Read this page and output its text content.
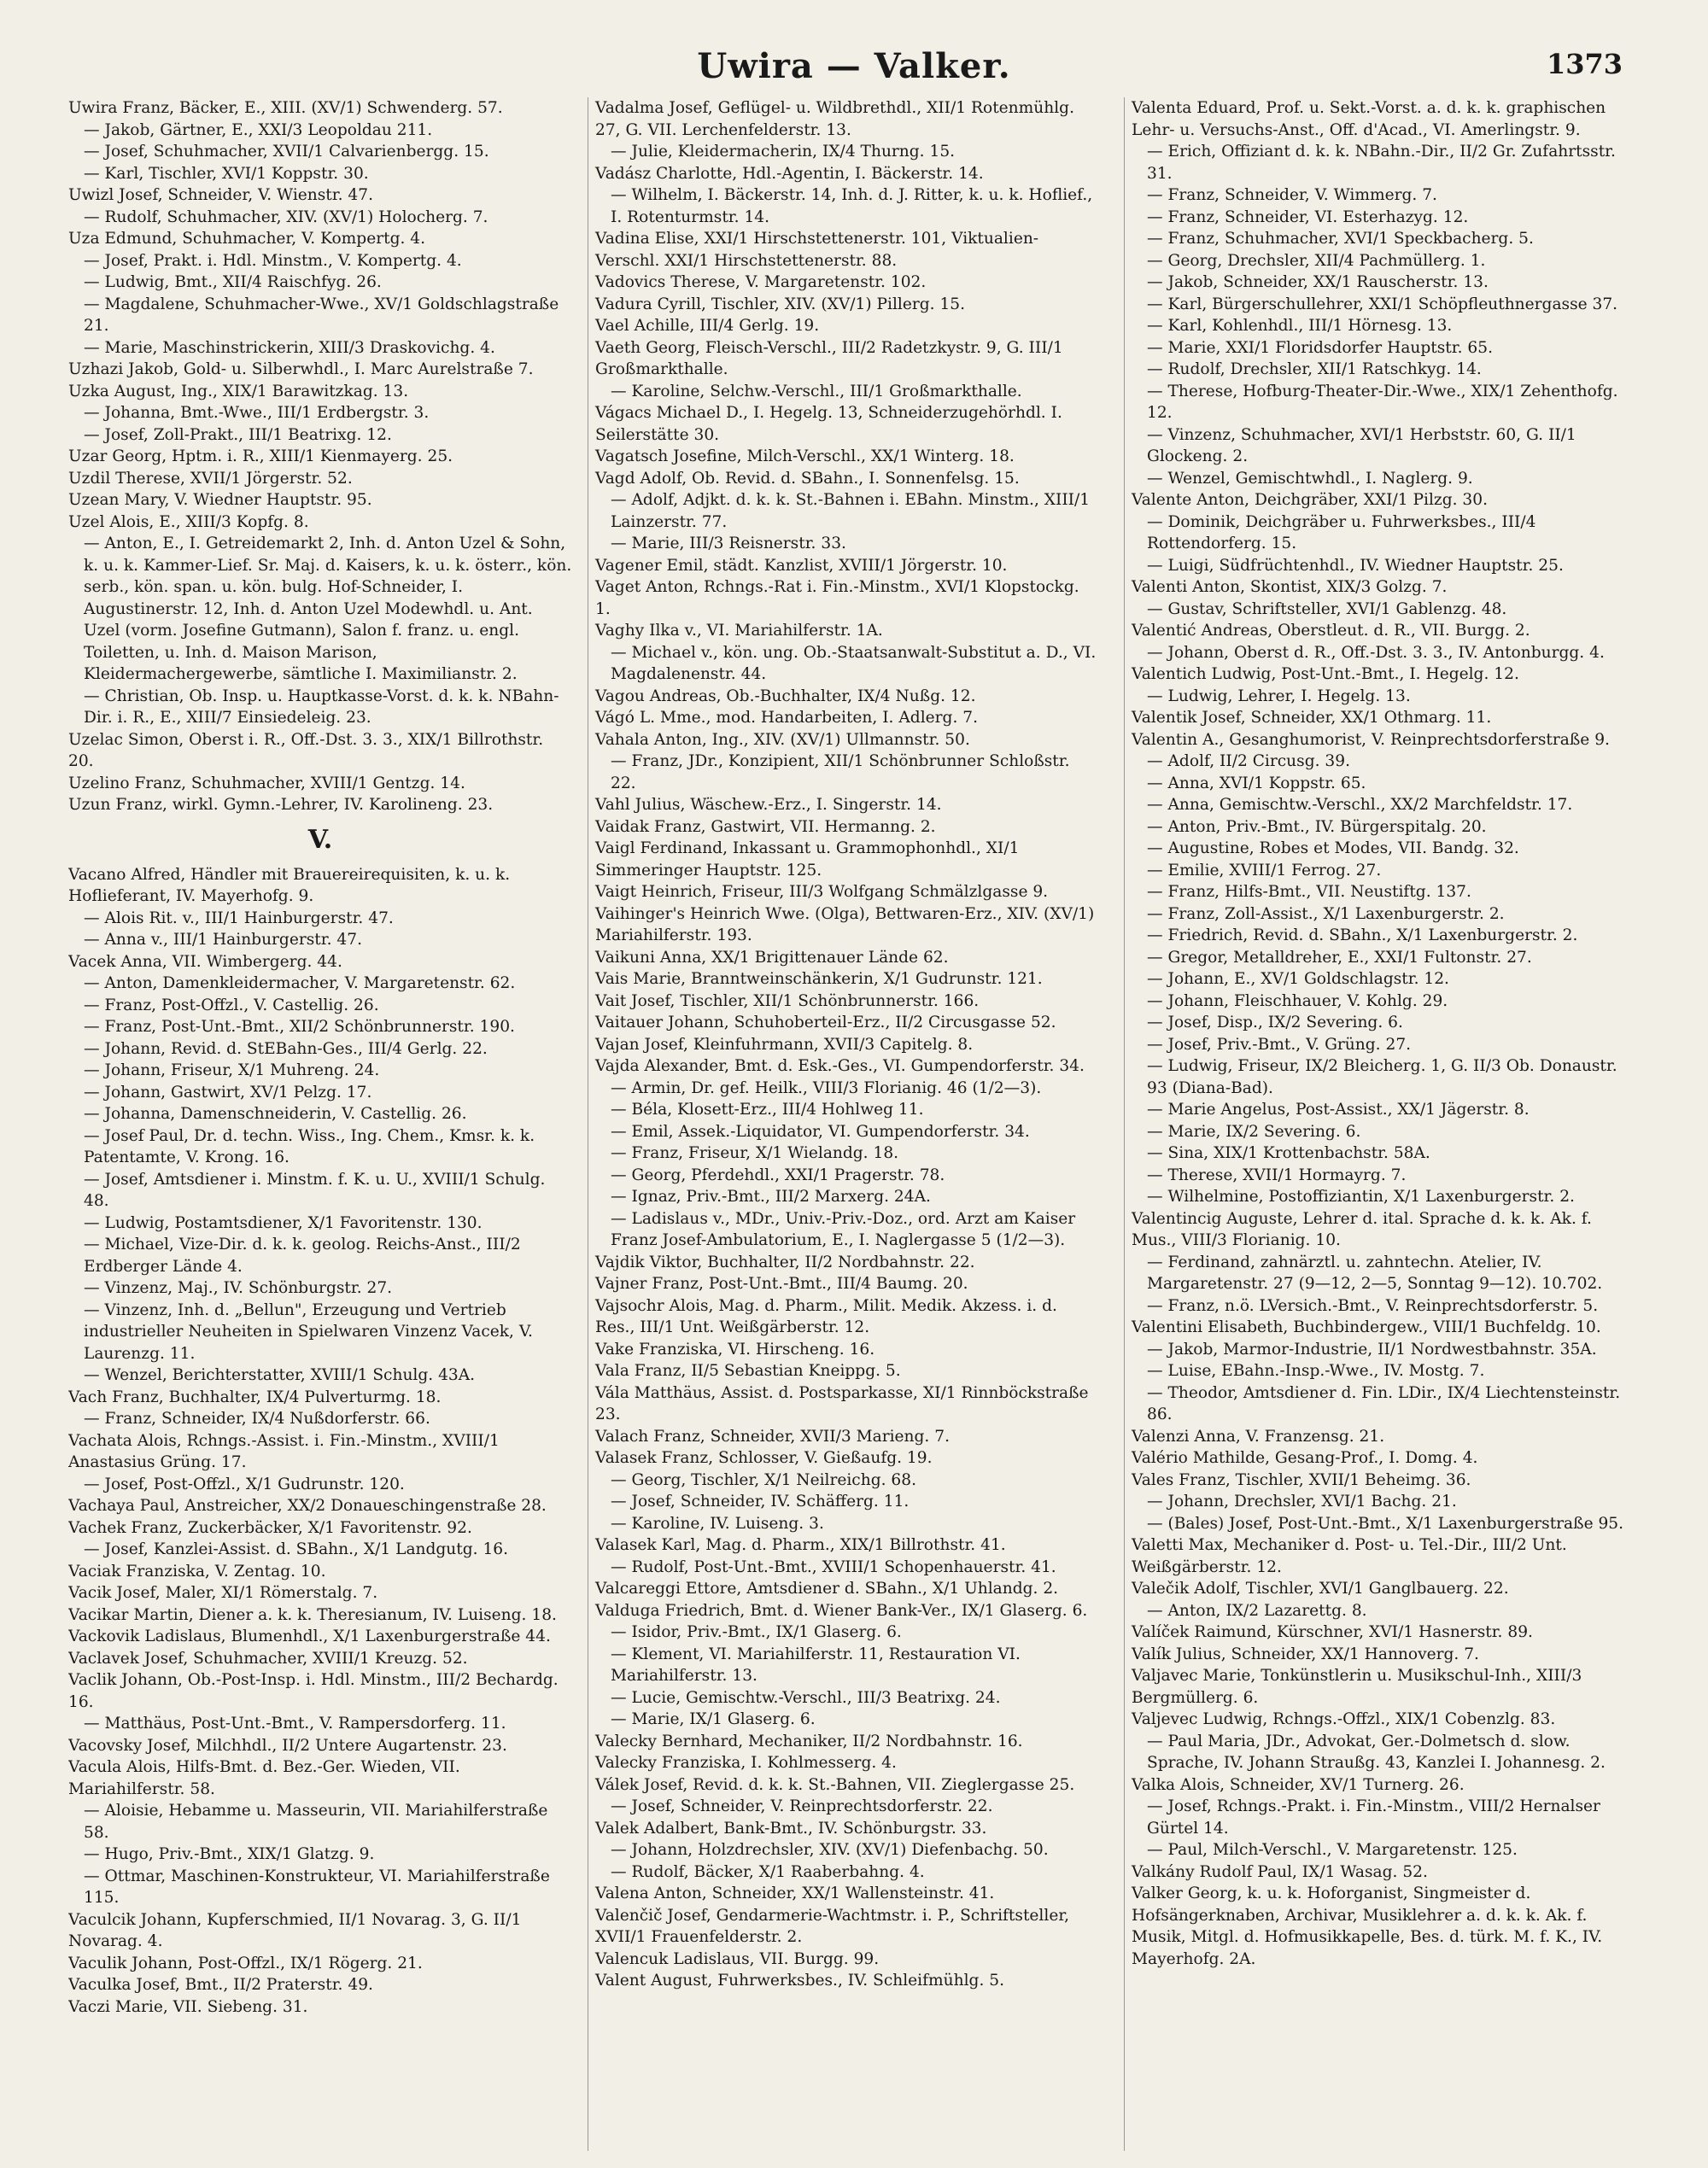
Uwira — Valker.	1373

Uwira Franz, Bäcker, E., XIII. (XV/1) Schwenderg. 57.

— Jakob, Gärtner, E., XXI/3 Leopoldau 211.

— Josef, Schuhmacher, XVII/1 Calvarienbergg. 15.

— Karl, Tischler, XVI/1 Koppstr. 30.

Uwizl Josef, Schneider, V. Wienstr. 47.

— Rudolf, Schuhmacher, XIV. (XV/1) Holocherg. 7.

Uza Edmund, Schuhmacher, V. Kompertg. 4.

— Josef, Prakt. i. Hdl. Minstm., V. Kompertg. 4.

— Ludwig, Bmt., XII/4 Raischfyg. 26.

— Magdalene, Schuhmacher-Wwe., XV/1 Goldschlagstraße 21.

— Marie, Maschinstrickerin, XIII/3 Draskovichg. 4.

Uzhazi Jakob, Gold- u. Silberwhdl., I. Marc Aurelstraße 7.

Uzka August, Ing., XIX/1 Barawitzkag. 13.

— Johanna, Bmt.-Wwe., III/1 Erdbergstr. 3.

— Josef, Zoll-Prakt., III/1 Beatrixg. 12.

Uzar Georg, Hptm. i. R., XIII/1 Kienmayerg. 25.

Uzdil Therese, XVII/1 Jörgerstr. 52.

Uzean Mary, V. Wiedner Hauptstr. 95.

Uzel Alois, E., XIII/3 Kopfg. 8.

— Anton, E., I. Getreidemarkt 2, Inh. d. Anton Uzel & Sohn, k. u. k. Kammer-Lief. Sr. Maj. d. Kaisers, k. u. k. österr., kön. serb., kön. span. u. kön. bulg. Hof-Schneider, I. Augustinerstr. 12, Inh. d. Anton Uzel Modewhdl. u. Ant. Uzel (vorm. Josefine Gutmann), Salon f. franz. u. engl. Toiletten, u. Inh. d. Maison Marison, Kleidermachergewerbe, sämtliche I. Maximilianstr. 2.

— Christian, Ob. Insp. u. Hauptkasse-Vorst. d. k. k. NBahn-Dir. i. R., E., XIII/7 Einsiedeleig. 23.

Uzelac Simon, Oberst i. R., Off.-Dst. 3. 3., XIX/1 Billrothstr. 20.

Uzelino Franz, Schuhmacher, XVIII/1 Gentzg. 14.

Uzun Franz, wirkl. Gymn.-Lehrer, IV. Karolineng. 23.

V.

Vacano Alfred, Händler mit Brauereirequisiten, k. u. k. Hoflieferant, IV. Mayerhofg. 9.

— Alois Rit. v., III/1 Hainburgerstr. 47.

— Anna v., III/1 Hainburgerstr. 47.

Vacek Anna, VII. Wimbergerg. 44.

— Anton, Damenkleidermacher, V. Margaretenstr. 62.

— Franz, Post-Offzl., V. Castellig. 26.

— Franz, Post-Unt.-Bmt., XII/2 Schönbrunnerstr. 190.

— Johann, Revid. d. StEBahn-Ges., III/4 Gerlg. 22.

— Johann, Friseur, X/1 Muhreng. 24.

— Johann, Gastwirt, XV/1 Pelzg. 17.

— Johanna, Damenschneiderin, V. Castellig. 26.

— Josef Paul, Dr. d. techn. Wiss., Ing. Chem., Kmsr. k. k. Patentamte, V. Krong. 16.

— Josef, Amtsdiener i. Minstm. f. K. u. U., XVIII/1 Schulg. 48.

— Ludwig, Postamtsdiener, X/1 Favoritenstr. 130.

— Michael, Vize-Dir. d. k. k. geolog. Reichs-Anst., III/2 Erdberger Lände 4.

— Vinzenz, Maj., IV. Schönburgstr. 27.

— Vinzenz, Inh. d. „Bellun", Erzeugung und Vertrieb industrieller Neuheiten in Spielwaren Vinzenz Vacek, V. Laurenzg. 11.

— Wenzel, Berichterstatter, XVIII/1 Schulg. 43A.

Vach Franz, Buchhalter, IX/4 Pulverturmg. 18.

— Franz, Schneider, IX/4 Nußdorferstr. 66.

Vachata Alois, Rchngs.-Assist. i. Fin.-Minstm., XVIII/1 Anastasius Grüng. 17.

— Josef, Post-Offzl., X/1 Gudrunstr. 120.

Vachaya Paul, Anstreicher, XX/2 Donaueschingenstraße 28.

Vachek Franz, Zuckerbäcker, X/1 Favoritenstr. 92.

— Josef, Kanzlei-Assist. d. SBahn., X/1 Landgutg. 16.

Vaciak Franziska, V. Zentag. 10.

Vacik Josef, Maler, XI/1 Römerstalg. 7.

Vacikar Martin, Diener a. k. k. Theresianum, IV. Luiseng. 18.

Vackovik Ladislaus, Blumenhdl., X/1 Laxenburgerstraße 44.

Vaclavek Josef, Schuhmacher, XVIII/1 Kreuzg. 52.

Vaclik Johann, Ob.-Post-Insp. i. Hdl. Minstm., III/2 Bechardg. 16.

— Matthäus, Post-Unt.-Bmt., V. Rampersdorferg. 11.

Vacovsky Josef, Milchhdl., II/2 Untere Augartenstr. 23.

Vacula Alois, Hilfs-Bmt. d. Bez.-Ger. Wieden, VII. Mariahilferstr. 58.

— Aloisie, Hebamme u. Masseurin, VII. Mariahilferstraße 58.

— Hugo, Priv.-Bmt., XIX/1 Glatzg. 9.

— Ottmar, Maschinen-Konstrukteur, VI. Mariahilferstraße 115.

Vaculcik Johann, Kupferschmied, II/1 Novarag. 3, G. II/1 Novarag. 4.

Vaculik Johann, Post-Offzl., IX/1 Rögerg. 21.

Vaculka Josef, Bmt., II/2 Praterstr. 49.

Vaczi Marie, VII. Siebeng. 31.

Vadalma Josef, Geflügel- u. Wildbrethdl., XII/1 Rotenmühlg. 27, G. VII. Lerchenfelderstr. 13.

— Julie, Kleidermacherin, IX/4 Thurng. 15.

Vadász Charlotte, Hdl.-Agentin, I. Bäckerstr. 14.

— Wilhelm, I. Bäckerstr. 14, Inh. d. J. Ritter, k. u. k. Hoflief., I. Rotenturmstr. 14.

Vadina Elise, XXI/1 Hirschstettenerstr. 101, Viktualien-Verschl. XXI/1 Hirschstettenerstr. 88.

Vadovics Therese, V. Margaretenstr. 102.

Vadura Cyrill, Tischler, XIV. (XV/1) Pillerg. 15.

Vael Achille, III/4 Gerlg. 19.

Vaeth Georg, Fleisch-Verschl., III/2 Radetzkystr. 9, G. III/1 Großmarkthalle.

— Karoline, Selchw.-Verschl., III/1 Großmarkthalle.

Vágacs Michael D., I. Hegelg. 13, Schneiderzugehörhdl. I. Seilerstätte 30.

Vagatsch Josefine, Milch-Verschl., XX/1 Winterg. 18.

Vagd Adolf, Ob. Revid. d. SBahn., I. Sonnenfelsg. 15.

— Adolf, Adjkt. d. k. k. St.-Bahnen i. EBahn. Minstm., XIII/1 Lainzerstr. 77.

— Marie, III/3 Reisnerstr. 33.

Vagener Emil, städt. Kanzlist, XVIII/1 Jörgerstr. 10.

Vaget Anton, Rchngs.-Rat i. Fin.-Minstm., XVI/1 Klopstockg. 1.

Vaghy Ilka v., VI. Mariahilferstr. 1A.

— Michael v., kön. ung. Ob.-Staatsanwalt-Substitut a. D., VI. Magdalenenstr. 44.

Vagou Andreas, Ob.-Buchhalter, IX/4 Nußg. 12.

Vágó L. Mme., mod. Handarbeiten, I. Adlerg. 7.

Vahala Anton, Ing., XIV. (XV/1) Ullmannstr. 50.

— Franz, JDr., Konzipient, XII/1 Schönbrunner Schloßstr. 22.

Vahl Julius, Wäschew.-Erz., I. Singerstr. 14.

Vaidak Franz, Gastwirt, VII. Hermanng. 2.

Vaigl Ferdinand, Inkassant u. Grammophonhdl., XI/1 Simmeringer Hauptstr. 125.

Vaigt Heinrich, Friseur, III/3 Wolfgang Schmälzlgasse 9.

Vaihinger's Heinrich Wwe. (Olga), Bettwaren-Erz., XIV. (XV/1) Mariahilferstr. 193.

Vaikuni Anna, XX/1 Brigittenauer Lände 62.

Vais Marie, Branntweinschänkerin, X/1 Gudrunstr. 121.

Vait Josef, Tischler, XII/1 Schönbrunnerstr. 166.

Vaitauer Johann, Schuhoberteil-Erz., II/2 Circusgasse 52.

Vajan Josef, Kleinfuhrmann, XVII/3 Capitelg. 8.

Vajda Alexander, Bmt. d. Esk.-Ges., VI. Gumpendorferstr. 34.

— Armin, Dr. gef. Heilk., VIII/3 Florianig. 46 (1/2—3).

— Béla, Klosett-Erz., III/4 Hohlweg 11.

— Emil, Assek.-Liquidator, VI. Gumpendorferstr. 34.

— Franz, Friseur, X/1 Wielandg. 18.

— Georg, Pferdehdl., XXI/1 Pragerstr. 78.

— Ignaz, Priv.-Bmt., III/2 Marxerg. 24A.

— Ladislaus v., MDr., Univ.-Priv.-Doz., ord. Arzt am Kaiser Franz Josef-Ambulatorium, E., I. Naglergasse 5 (1/2—3).

Vajdik Viktor, Buchhalter, II/2 Nordbahnstr. 22.

Vajner Franz, Post-Unt.-Bmt., III/4 Baumg. 20.

Vajsochr Alois, Mag. d. Pharm., Milit. Medik. Akzess. i. d. Res., III/1 Unt. Weißgärberstr. 12.

Vake Franziska, VI. Hirscheng. 16.

Vala Franz, II/5 Sebastian Kneippg. 5.

Vála Matthäus, Assist. d. Postsparkasse, XI/1 Rinnböckstraße 23.

Valach Franz, Schneider, XVII/3 Marieng. 7.

Valasek Franz, Schlosser, V. Gießaufg. 19.

— Georg, Tischler, X/1 Neilreichg. 68.

— Josef, Schneider, IV. Schäfferg. 11.

— Karoline, IV. Luiseng. 3.

Valasek Karl, Mag. d. Pharm., XIX/1 Billrothstr. 41.

— Rudolf, Post-Unt.-Bmt., XVIII/1 Schopenhauerstr. 41.

Valcareggi Ettore, Amtsdiener d. SBahn., X/1 Uhlandg. 2.

Valduga Friedrich, Bmt. d. Wiener Bank-Ver., IX/1 Glaserg. 6.

— Isidor, Priv.-Bmt., IX/1 Glaserg. 6.

— Klement, VI. Mariahilferstr. 11, Restauration VI. Mariahilferstr. 13.

— Lucie, Gemischtw.-Verschl., III/3 Beatrixg. 24.

— Marie, IX/1 Glaserg. 6.

Valecky Bernhard, Mechaniker, II/2 Nordbahnstr. 16.

Valecky Franziska, I. Kohlmesserg. 4.

Válek Josef, Revid. d. k. k. St.-Bahnen, VII. Zieglergasse 25.

— Josef, Schneider, V. Reinprechtsdorferstr. 22.

Valek Adalbert, Bank-Bmt., IV. Schönburgstr. 33.

— Johann, Holzdrechsler, XIV. (XV/1) Diefenbachg. 50.

— Rudolf, Bäcker, X/1 Raaberbahng. 4.

Valena Anton, Schneider, XX/1 Wallensteinstr. 41.

Valenčič Josef, Gendarmerie-Wachtmstr. i. P., Schriftsteller, XVII/1 Frauenfelderstr. 2.

Valencuk Ladislaus, VII. Burgg. 99.

Valent August, Fuhrwerksbes., IV. Schleifmühlg. 5.

Valenta Eduard, Prof. u. Sekt.-Vorst. a. d. k. k. graphischen Lehr- u. Versuchs-Anst., Off. d'Acad., VI. Amerlingstr. 9.

— Erich, Offiziant d. k. k. NBahn.-Dir., II/2 Gr. Zufahrtsstr. 31.

— Franz, Schneider, V. Wimmerg. 7.

— Franz, Schneider, VI. Esterhazyg. 12.

— Franz, Schuhmacher, XVI/1 Speckbacherg. 5.

— Georg, Drechsler, XII/4 Pachmüllerg. 1.

— Jakob, Schneider, XX/1 Rauscherstr. 13.

— Karl, Bürgerschullehrer, XXI/1 Schöpfleuthnergasse 37.

— Karl, Kohlenhdl., III/1 Hörnesg. 13.

— Marie, XXI/1 Floridsdorfer Hauptstr. 65.

— Rudolf, Drechsler, XII/1 Ratschkyg. 14.

— Therese, Hofburg-Theater-Dir.-Wwe., XIX/1 Zehenthofg. 12.

— Vinzenz, Schuhmacher, XVI/1 Herbststr. 60, G. II/1 Glockeng. 2.

— Wenzel, Gemischtwhdl., I. Naglerg. 9.

Valente Anton, Deichgräber, XXI/1 Pilzg. 30.

— Dominik, Deichgräber u. Fuhrwerksbes., III/4 Rottendorferg. 15.

— Luigi, Südfrüchtenhdl., IV. Wiedner Hauptstr. 25.

Valenti Anton, Skontist, XIX/3 Golzg. 7.

— Gustav, Schriftsteller, XVI/1 Gablenzg. 48.

Valentić Andreas, Oberstleut. d. R., VII. Burgg. 2.

— Johann, Oberst d. R., Off.-Dst. 3. 3., IV. Antonburgg. 4.

Valentich Ludwig, Post-Unt.-Bmt., I. Hegelg. 12.

— Ludwig, Lehrer, I. Hegelg. 13.

Valentik Josef, Schneider, XX/1 Othmarg. 11.

Valentin A., Gesanghumorist, V. Reinprechtsdorferstraße 9.

— Adolf, II/2 Circusg. 39.

— Anna, XVI/1 Koppstr. 65.

— Anna, Gemischtw.-Verschl., XX/2 Marchfeldstr. 17.

— Anton, Priv.-Bmt., IV. Bürgerspitalg. 20.

— Augustine, Robes et Modes, VII. Bandg. 32.

— Emilie, XVIII/1 Ferrog. 27.

— Franz, Hilfs-Bmt., VII. Neustiftg. 137.

— Franz, Zoll-Assist., X/1 Laxenburgerstr. 2.

— Friedrich, Revid. d. SBahn., X/1 Laxenburgerstr. 2.

— Gregor, Metalldreher, E., XXI/1 Fultonstr. 27.

— Johann, E., XV/1 Goldschlagstr. 12.

— Johann, Fleischhauer, V. Kohlg. 29.

— Josef, Disp., IX/2 Severing. 6.

— Josef, Priv.-Bmt., V. Grüng. 27.

— Ludwig, Friseur, IX/2 Bleicherg. 1, G. II/3 Ob. Donaustr. 93 (Diana-Bad).

— Marie Angelus, Post-Assist., XX/1 Jägerstr. 8.

— Marie, IX/2 Severing. 6.

— Sina, XIX/1 Krottenbachstr. 58A.

— Therese, XVII/1 Hormayrg. 7.

— Wilhelmine, Postoffiziantin, X/1 Laxenburgerstr. 2.

Valentincig Auguste, Lehrer d. ital. Sprache d. k. k. Ak. f. Mus., VIII/3 Florianig. 10.

— Ferdinand, zahnärztl. u. zahntechn. Atelier, IV. Margaretenstr. 27 (9—12, 2—5, Sonntag 9—12). 10.702.

— Franz, n.ö. LVersich.-Bmt., V. Reinprechtsdorferstr. 5.

Valentini Elisabeth, Buchbindergew., VIII/1 Buchfeldg. 10.

— Jakob, Marmor-Industrie, II/1 Nordwestbahnstr. 35A.

— Luise, EBahn.-Insp.-Wwe., IV. Mostg. 7.

— Theodor, Amtsdiener d. Fin. LDir., IX/4 Liechtensteinstr. 86.

Valenzi Anna, V. Franzensg. 21.

Valério Mathilde, Gesang-Prof., I. Domg. 4.

Vales Franz, Tischler, XVII/1 Beheimg. 36.

— Johann, Drechsler, XVI/1 Bachg. 21.

— (Bales) Josef, Post-Unt.-Bmt., X/1 Laxenburgerstraße 95.

Valetti Max, Mechaniker d. Post- u. Tel.-Dir., III/2 Unt. Weißgärberstr. 12.

Valečik Adolf, Tischler, XVI/1 Ganglbauerg. 22.

— Anton, IX/2 Lazarettg. 8.

Valíček Raimund, Kürschner, XVI/1 Hasnerstr. 89.

Valík Julius, Schneider, XX/1 Hannoverg. 7.

Valjavec Marie, Tonkünstlerin u. Musikschul-Inh., XIII/3 Bergmüllerg. 6.

Valjevec Ludwig, Rchngs.-Offzl., XIX/1 Cobenzlg. 83.

— Paul Maria, JDr., Advokat, Ger.-Dolmetsch d. slow. Sprache, IV. Johann Straußg. 43, Kanzlei I. Johannesg. 2.

Valka Alois, Schneider, XV/1 Turnerg. 26.

— Josef, Rchngs.-Prakt. i. Fin.-Minstm., VIII/2 Hernalser Gürtel 14.

— Paul, Milch-Verschl., V. Margaretenstr. 125.

Valkány Rudolf Paul, IX/1 Wasag. 52.

Valker Georg, k. u. k. Hoforganist, Singmeister d. Hofsängerknaben, Archivar, Musiklehrer a. d. k. k. Ak. f. Musik, Mitgl. d. Hofmusikkapelle, Bes. d. türk. M. f. K., IV. Mayerhofg. 2A.
